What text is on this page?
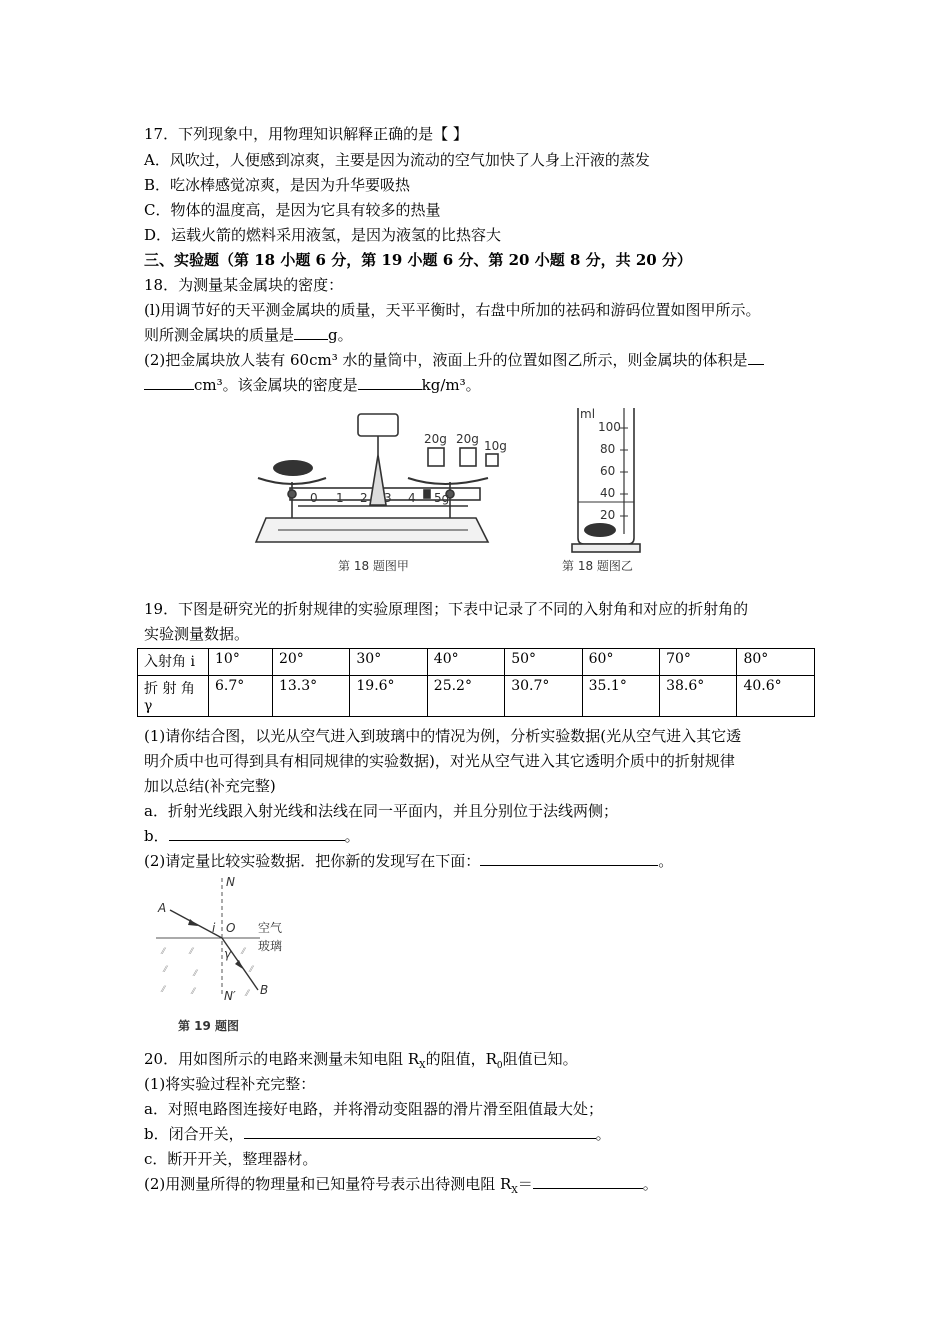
17．下列现象中，用物理知识解释正确的是【 】
A．风吹过，人便感到凉爽，主要是因为流动的空气加快了人身上汗液的蒸发
B．吃冰棒感觉凉爽，是因为升华要吸热
C．物体的温度高，是因为它具有较多的热量
D．运载火箭的燃料采用液氢，是因为液氢的比热容大
三、实验题（第 18 小题 6 分，第 19 小题 6 分、第 20 小题 8 分，共 20 分）
18．为测量某金属块的密度：
(l)用调节好的天平测金属块的质量，天平平衡时，右盘中所加的祛码和游码位置如图甲所示。
则所测金属块的质量是 g。
(2)把金属块放人装有 60cm³ 水的量筒中，液面上升的位置如图乙所示，则金属块的体积是
cm³。该金属块的密度是	kg/m³。
20g 20g 10g
0 1 2 3 4 5g
第 18 题图甲
ml
100
80
60
40
20
第 18 题图乙
19．下图是研究光的折射规律的实验原理图；下表中记录了不同的入射角和对应的折射角的
实验测量数据。
入射角 i	10°	20°	30°	40°	50°	60°	70°	80°
折 射 角
γ	6.7°	13.3°	19.6°	25.2°	30.7°	35.1°	38.6°	40.6°
(1)请你结合图，以光从空气进入到玻璃中的情况为例，分析实验数据(光从空气进入其它透
明介质中也可得到具有相同规律的实验数据)，对光从空气进入其它透明介质中的折射规律
加以总结(补充完整)
a．折射光线跟入射光线和法线在同一平面内，并且分别位于法线两侧；
b．	。
(2)请定量比较实验数据．把你新的发现写在下面：	。
⁄⁄	⁄⁄	⁄⁄
⁄⁄	⁄⁄	⁄⁄
⁄⁄	⁄⁄	⁄⁄
N
N′
A
B
O
i
γ
空气
玻璃
第 19 题图
20．用如图所示的电路来测量未知电阻 $R_X$的阻值，$R_0$阻值已知。
(1)将实验过程补充完整：
a．对照电路图连接好电路，并将滑动变阻器的滑片滑至阻值最大处；
b．闭合开关，	。
c．断开开关，整理器材。
(2)用测量所得的物理量和已知量符号表示出待测电阻 $R_X=$	。
